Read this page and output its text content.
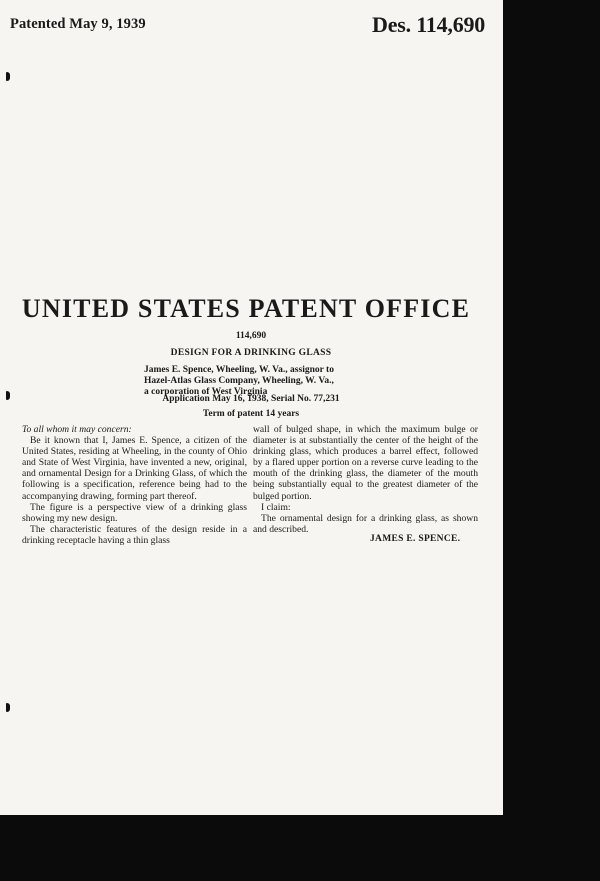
Patented May 9, 1939	Des. 114,690
UNITED STATES PATENT OFFICE
114,690
DESIGN FOR A DRINKING GLASS
James E. Spence, Wheeling, W. Va., assignor to
Hazel-Atlas Glass Company, Wheeling, W. Va.,
a corporation of West Virginia
Application May 16, 1938, Serial No. 77,231
Term of patent 14 years

To all whom it may concern:

Be it known that I, James E. Spence, a citizen of the United States, residing at Wheeling, in the county of Ohio and State of West Virginia, have invented a new, original, and ornamental Design for a Drinking Glass, of which the following is a specification, reference being had to the accompanying drawing, forming part thereof.

The figure is a perspective view of a drinking glass showing my new design.

The characteristic features of the design reside in a drinking receptacle having a thin glass

wall of bulged shape, in which the maximum bulge or diameter is at substantially the center of the height of the drinking glass, which produces a barrel effect, followed by a flared upper portion on a reverse curve leading to the mouth of the drinking glass, the diameter of the mouth being substantially equal to the greatest diameter of the bulged portion.

I claim:

The ornamental design for a drinking glass, as shown and described.

JAMES E. SPENCE.
